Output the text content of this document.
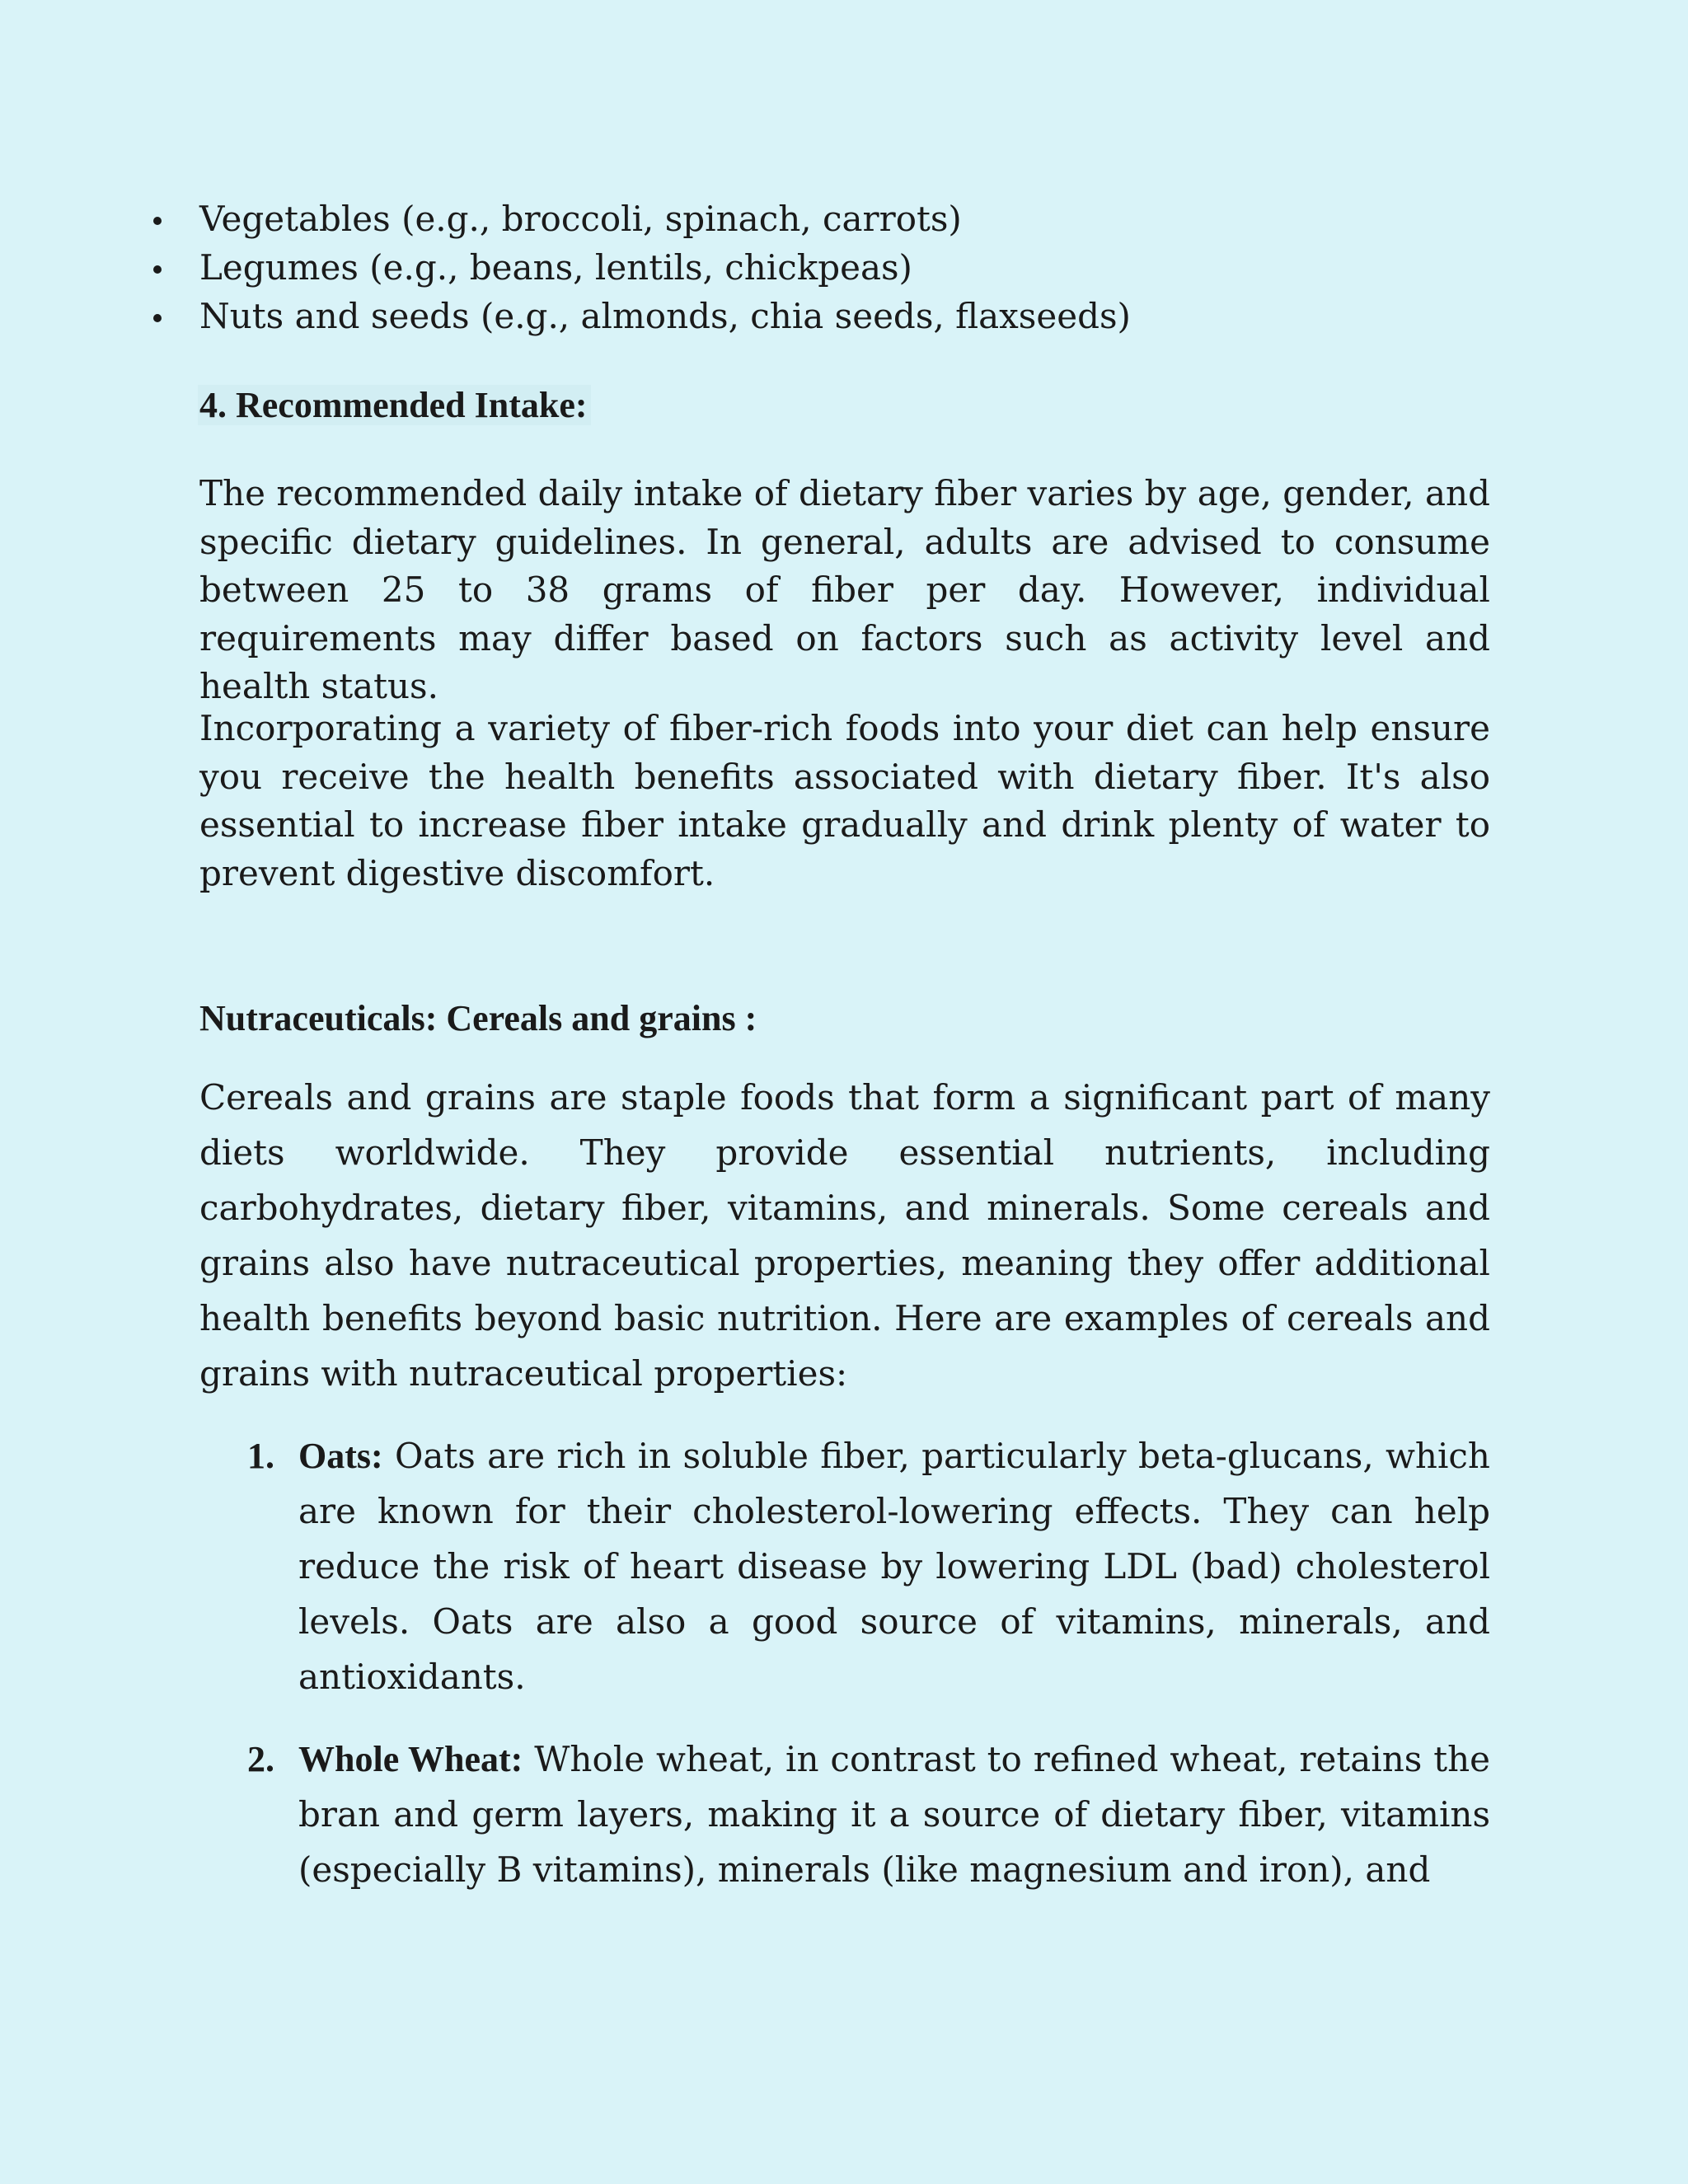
Vegetables (e.g., broccoli, spinach, carrots)
Legumes (e.g., beans, lentils, chickpeas)
Nuts and seeds (e.g., almonds, chia seeds, flaxseeds)
4. Recommended Intake:

The recommended daily intake of dietary fiber varies by age, gender, and specific dietary guidelines. In general, adults are advised to consume between 25 to 38 grams of fiber per day. However, individual requirements may differ based on factors such as activity level and health status.

Incorporating a variety of fiber-rich foods into your diet can help ensure you receive the health benefits associated with dietary fiber. It's also essential to increase fiber intake gradually and drink plenty of water to prevent digestive discomfort.

Nutraceuticals: Cereals and grains :

Cereals and grains are staple foods that form a significant part of many diets worldwide. They provide essential nutrients, including carbohydrates, dietary fiber, vitamins, and minerals. Some cereals and grains also have nutraceutical properties, meaning they offer additional health benefits beyond basic nutrition. Here are examples of cereals and grains with nutraceutical properties:

1. Oats: Oats are rich in soluble fiber, particularly beta-glucans, which are known for their cholesterol-lowering effects. They can help reduce the risk of heart disease by lowering LDL (bad) cholesterol levels. Oats are also a good source of vitamins, minerals, and antioxidants.
2. Whole Wheat: Whole wheat, in contrast to refined wheat, retains the bran and germ layers, making it a source of dietary fiber, vitamins (especially B vitamins), minerals (like magnesium and iron), and
